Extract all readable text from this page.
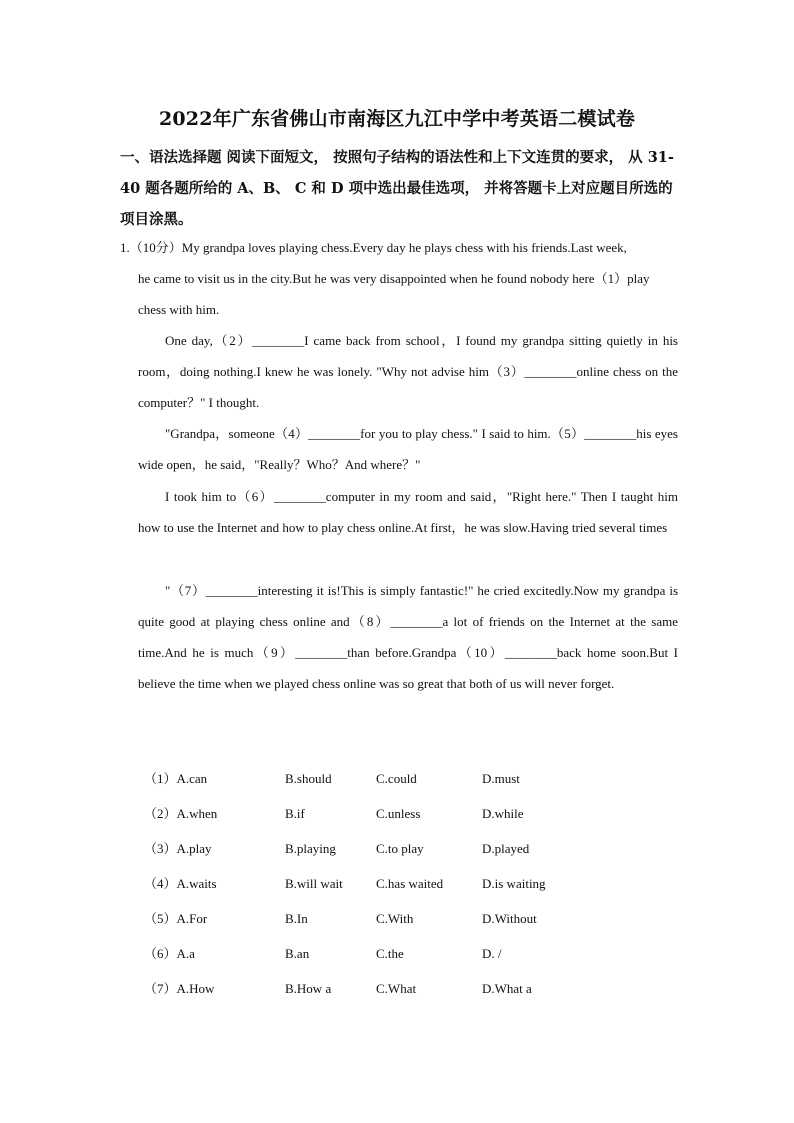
2022年广东省佛山市南海区九江中学中考英语二模试卷
一、语法选择题 阅读下面短文， 按照句子结构的语法性和上下文连贯的要求， 从 31-40 题各题所给的 A、B、 C 和 D 项中选出最佳选项， 并将答题卡上对应题目所选的项目涂黑。
1.（10分）My grandpa loves playing chess.Every day he plays chess with his friends.Last week,
he came to visit us in the city.But he was very disappointed when he found nobody here（1）play chess with him.

One day,（2）________I came back from school，I found my grandpa sitting quietly in his room，doing nothing.I knew he was lonely. "Why not advise him（3）________online chess on the computer？" I thought.

"Grandpa，someone（4）________for you to play chess." I said to him.（5）________his eyes wide open，he said，"Really？Who？And where？"

I took him to（6）________computer in my room and said，"Right here." Then I taught him how to use the Internet and how to play chess online.At first，he was slow.Having tried several times

"（7）________interesting it is!This is simply fantastic!" he cried excitedly.Now my grandpa is quite good at playing chess online and（8）________a lot of friends on the Internet at the same time.And he is much（9）________than before.Grandpa（10）________back home soon.But I believe the time when we played chess online was so great that both of us will never forget.

（1）A.can	B.should	C.could	D.must
（2）A.when	B.if	C.unless	D.while
（3）A.play	B.playing	C.to play	D.played
（4）A.waits	B.will wait	C.has waited	D.is waiting
（5）A.For	B.In	C.With	D.Without
（6）A.a	B.an	C.the	D. /
（7）A.How	B.How a	C.What	D.What a
